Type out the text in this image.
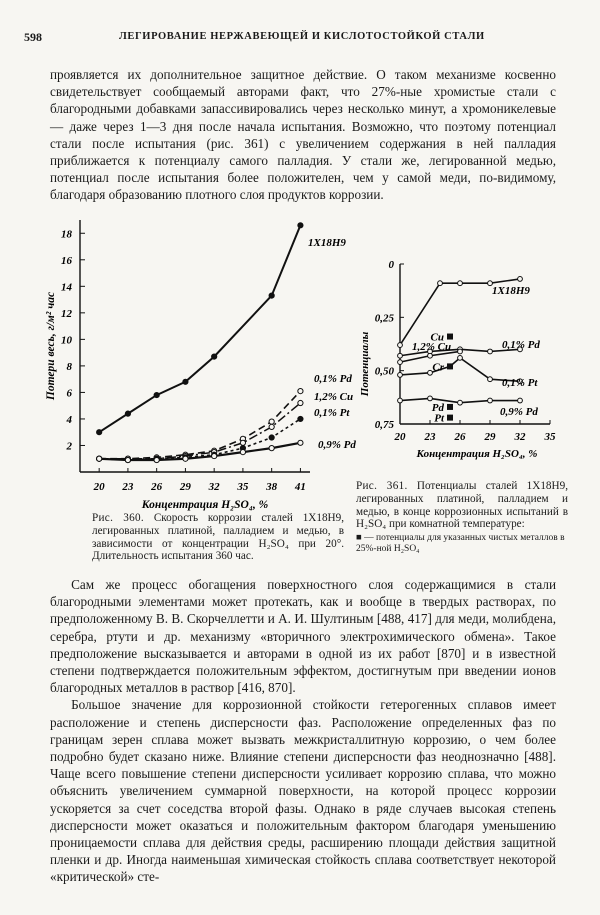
598	ЛЕГИРОВАНИЕ НЕРЖАВЕЮЩЕЙ И КИСЛОТОСТОЙКОЙ СТАЛИ

проявляется их дополнительное защитное действие. О таком механизме косвенно свидетельствует сообщаемый авторами факт, что 27%-ные хромистые стали с благородными добавками запассивировались через несколько минут, а хромоникелевые — даже через 1—3 дня после начала испытания. Возможно, что поэтому потенциал стали после испытания (рис. 361) с увеличением содержания в ней палладия приближается к потенциалу самого палладия. У стали же, легированной медью, потенциал после испытания более положителен, чем у самой меди, по-видимому, благодаря образованию плотного слоя продуктов коррозии.

2
4
6
8
10
12
14
16
18
20 23 26 29 32 35 38 41
Концентрация H₂SO₄, %
Потери весь, г/м² час
1Х18Н9
0,1% Pd
1,2% Cu
0,1% Pt
0,9% Pd
0
0,25
0,50
0,75
20 23 26 29 32 35
Концентрация H₂SO₄, %
Потенциалы
1Х18Н9
0,1% Pd
1,2% Cu
0,1% Pt
0,9% Pd
Cu
Cr
Pd
Pt
Рис. 360. Скорость коррозии сталей 1Х18Н9, легированных платиной, палладием и медью, в зависимости от концентрации H₂SO₄ при 20°. Длительность испытания 360 час.
Рис. 361. Потенциалы сталей 1Х18Н9, легированных платиной, палладием и медью, в конце коррозионных испытаний в H₂SO₄ при комнатной температуре:
■ — потенциалы для указанных чистых металлов в 25%-ной H₂SO₄

Сам же процесс обогащения поверхностного слоя содержащимися в стали благородными элементами может протекать, как и вообще в твердых растворах, по предположенному В. В. Скорчеллетти и А. И. Шултиным [488, 417] для меди, молибдена, серебра, ртути и др. механизму «вторичного электрохимического обмена». Такое предположение высказывается и авторами в одной из их работ [870] и в известной степени подтверждается положительным эффектом, достигнутым при введении ионов благородных металлов в раствор [416, 870].

Большое значение для коррозионной стойкости гетерогенных сплавов имеет расположение и степень дисперсности фаз. Расположение определенных фаз по границам зерен сплава может вызвать межкристаллитную коррозию, о чем более подробно будет сказано ниже. Влияние степени дисперсности фаз неоднозначно [488]. Чаще всего повышение степени дисперсности усиливает коррозию сплава, что можно объяснить увеличением суммарной поверхности, на которой процесс коррозии ускоряется за счет соседства второй фазы. Однако в ряде случаев высокая степень дисперсности может оказаться и положительным фактором благодаря уменьшению проницаемости сплава для действия среды, расширению площади действия защитной пленки и др. Иногда наименьшая химическая стойкость сплава соответствует некоторой «критической» сте-
